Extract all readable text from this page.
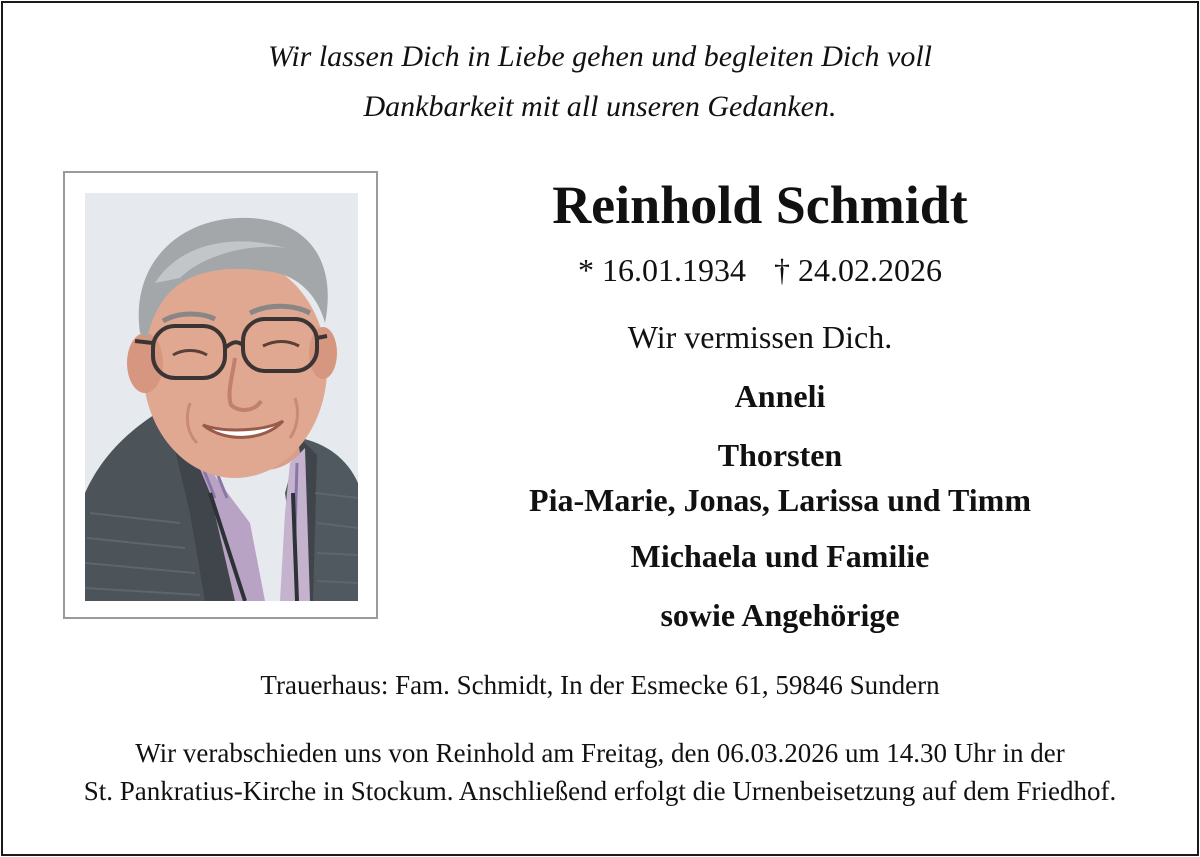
Wir lassen Dich in Liebe gehen und begleiten Dich voll
Dankbarkeit mit all unseren Gedanken.
Reinhold Schmidt
* 16.01.1934 † 24.02.2026
Wir vermissen Dich.
Anneli
Thorsten
Pia-Marie, Jonas, Larissa und Timm
Michaela und Familie
sowie Angehörige
Trauerhaus: Fam. Schmidt, In der Esmecke 61, 59846 Sundern
Wir verabschieden uns von Reinhold am Freitag, den 06.03.2026 um 14.30 Uhr in der
St. Pankratius-Kirche in Stockum. Anschließend erfolgt die Urnenbeisetzung auf dem Friedhof.
